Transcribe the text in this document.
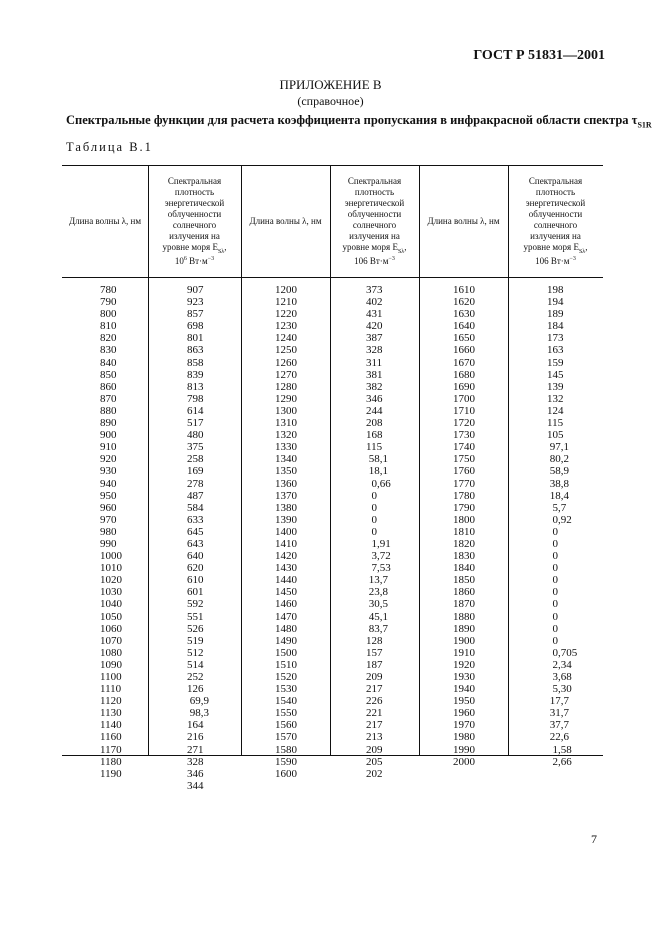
ГОСТ Р 51831—2001
ПРИЛОЖЕНИЕ В
(справочное)
Спектральные функции для расчета коэффициента пропускания в инфракрасной области спектра $\tau_{S1R}$
Таблица В.1
Длина волны λ, нм
Спектральная
плотность
энергетической
облученности
солнечного
излучения на
уровне моря $E_{S\lambda}$,
$10^6$ $Вт\cdot м^{-3}$
Длина волны λ, нм
Спектральная
плотность
энергетической
облученности
солнечного
излучения на
уровне моря $E_{S\lambda}$,
106 $Вт\cdot м^{-3}$
Длина волны λ, нм
Спектральная
плотность
энергетической
облученности
солнечного
излучения на
уровне моря $E_{S\lambda}$,
106 $Вт\cdot м^{-3}$
780
790
800
810
820
830
840
850
860
870
880
890
900
910
920
930
940
950
960
970
980
990
1000
1010
1020
1030
1040
1050
1060
1070
1080
1090
1100
1110
1120
1130
1140
1160
1170
1180
1190
907
923
857
698
801
863
858
839
813
798
614
517
480
375
258
169
278
487
584
633
645
643
640
620
610
601
592
551
526
519
512
514
252
126
69,9
98,3
164
216
271
328
346
344
1200
1210
1220
1230
1240
1250
1260
1270
1280
1290
1300
1310
1320
1330
1340
1350
1360
1370
1380
1390
1400
1410
1420
1430
1440
1450
1460
1470
1480
1490
1500
1510
1520
1530
1540
1550
1560
1570
1580
1590
1600
373
402
431
420
387
328
311
381
382
346
244
208
168
115
58,1
18,1
0,66
0
0
0
0
1,91
3,72
7,53
13,7
23,8
30,5
45,1
83,7
128
157
187
209
217
226
221
217
213
209
205
202
1610
1620
1630
1640
1650
1660
1670
1680
1690
1700
1710
1720
1730
1740
1750
1760
1770
1780
1790
1800
1810
1820
1830
1840
1850
1860
1870
1880
1890
1900
1910
1920
1930
1940
1950
1960
1970
1980
1990
2000
198
194
189
184
173
163
159
145
139
132
124
115
105
97,1
80,2
58,9
38,8
18,4
5,7
0,92
0
0
0
0
0
0
0
0
0
0
0,705
2,34
3,68
5,30
17,7
31,7
37,7
22,6
1,58
2,66
7
